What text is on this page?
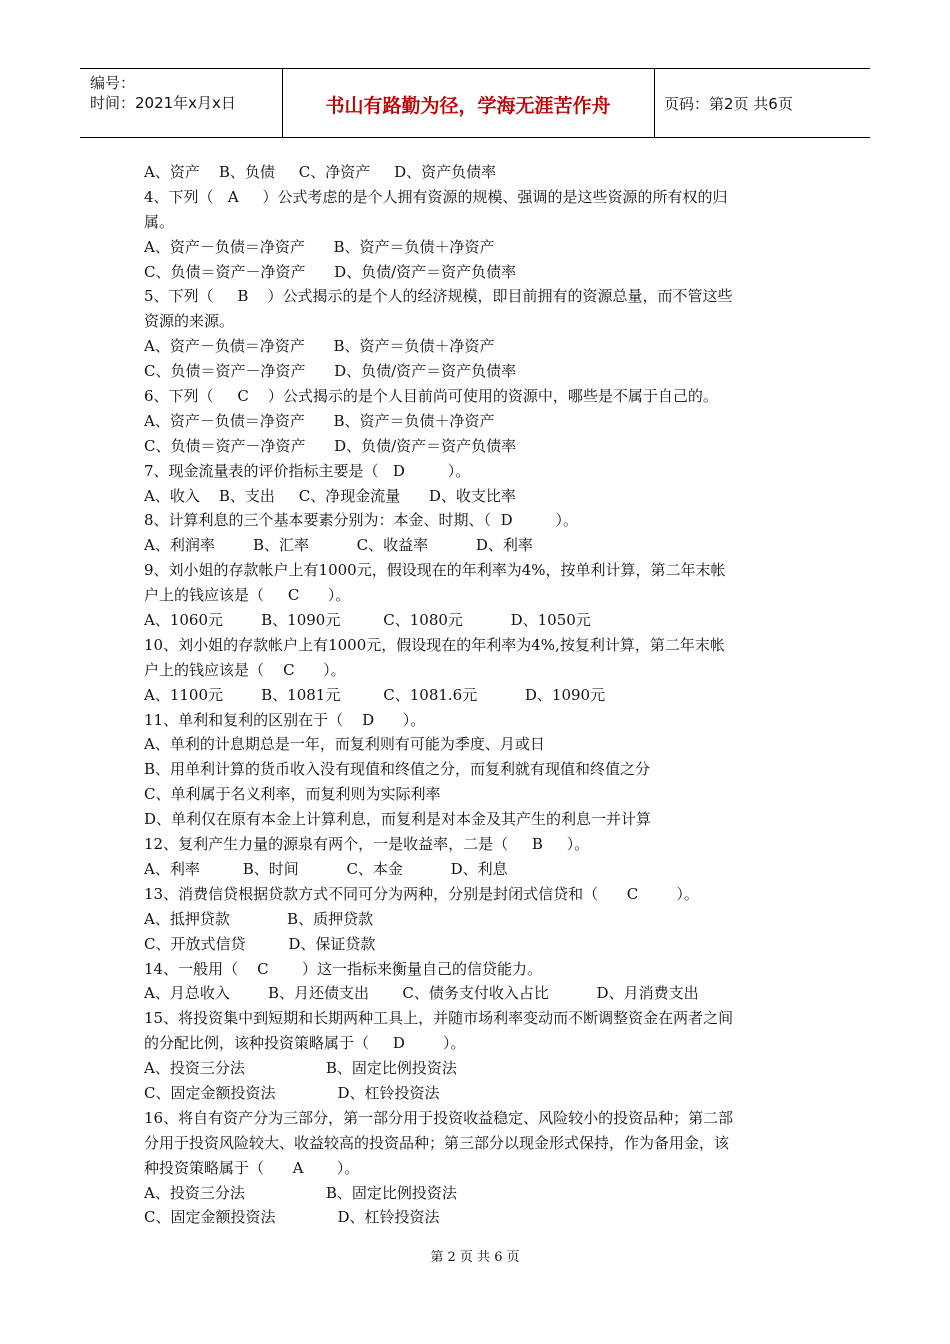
编号：
时间：2021年x月x日	书山有路勤为径，学海无涯苦作舟	页码：第2页 共6页
A、资产    B、负债     C、净资产     D、资产负债率
4、下列（   A     ）公式考虑的是个人拥有资源的规模、强调的是这些资源的所有权的归
属。
A、资产－负债＝净资产      B、资产＝负债＋净资产
C、负债＝资产－净资产      D、负债/资产＝资产负债率
5、下列（     B    ）公式揭示的是个人的经济规模，即目前拥有的资源总量，而不管这些
资源的来源。
A、资产－负债＝净资产      B、资产＝负债＋净资产
C、负债＝资产－净资产      D、负债/资产＝资产负债率
6、下列（     C    ）公式揭示的是个人目前尚可使用的资源中，哪些是不属于自己的。
A、资产－负债＝净资产      B、资产＝负债＋净资产
C、负债＝资产－净资产      D、负债/资产＝资产负债率
7、现金流量表的评价指标主要是（   D         ）。
A、收入    B、支出     C、净现金流量      D、收支比率
8、计算利息的三个基本要素分别为：本金、时期、（  D         ）。
A、利润率        B、汇率          C、收益率          D、利率
9、刘小姐的存款帐户上有1000元，假设现在的年利率为4%，按单利计算，第二年末帐
户上的钱应该是（     C      ）。
A、1060元        B、1090元         C、1080元          D、1050元
10、刘小姐的存款帐户上有1000元，假设现在的年利率为4%,按复利计算，第二年末帐
户上的钱应该是（    C      ）。
A、1100元        B、1081元         C、1081.6元          D、1090元
11、单利和复利的区别在于（    D      ）。
A、单利的计息期总是一年，而复利则有可能为季度、月或日
B、用单利计算的货币收入没有现值和终值之分，而复利就有现值和终值之分
C、单利属于名义利率，而复利则为实际利率
D、单利仅在原有本金上计算利息，而复利是对本金及其产生的利息一并计算
12、复利产生力量的源泉有两个，一是收益率，二是（     B     ）。
A、利率         B、时间          C、本金          D、利息
13、消费信贷根据贷款方式不同可分为两种，分别是封闭式信贷和（      C        ）。
A、抵押贷款            B、质押贷款
C、开放式信贷         D、保证贷款
14、一般用（    C       ）这一指标来衡量自己的信贷能力。
A、月总收入        B、月还债支出       C、债务支付收入占比          D、月消费支出
15、将投资集中到短期和长期两种工具上，并随市场利率变动而不断调整资金在两者之间
的分配比例，该种投资策略属于（     D        ）。
A、投资三分法                 B、固定比例投资法
C、固定金额投资法             D、杠铃投资法
16、将自有资产分为三部分，第一部分用于投资收益稳定、风险较小的投资品种；第二部
分用于投资风险较大、收益较高的投资品种；第三部分以现金形式保持，作为备用金，该
种投资策略属于（      A       ）。
A、投资三分法                 B、固定比例投资法
C、固定金额投资法             D、杠铃投资法
第 2 页 共 6 页
